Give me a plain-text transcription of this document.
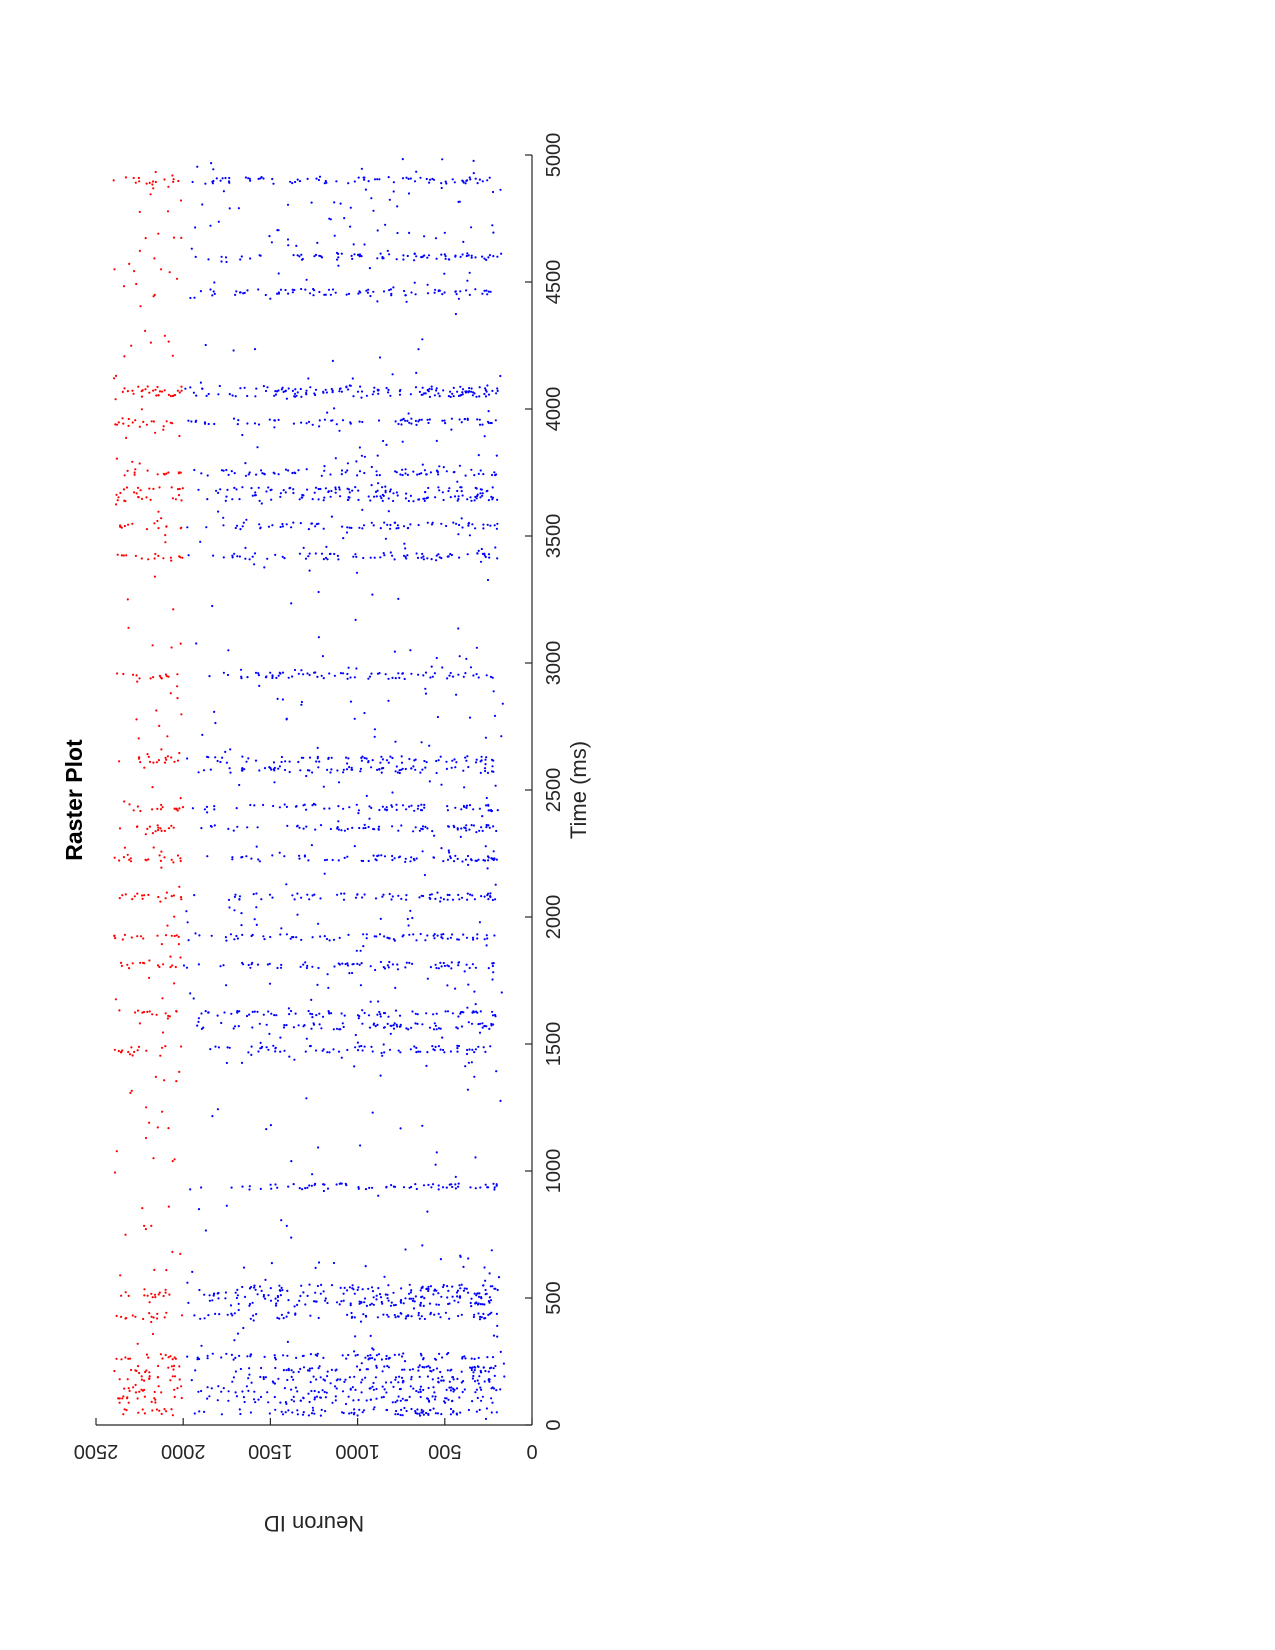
Raster Plot
0
500
1000
1500
2000
2500
3000
3500
4000
4500
5000
0
500
1000
1500
2000
2500
Time (ms)
Neuron ID
